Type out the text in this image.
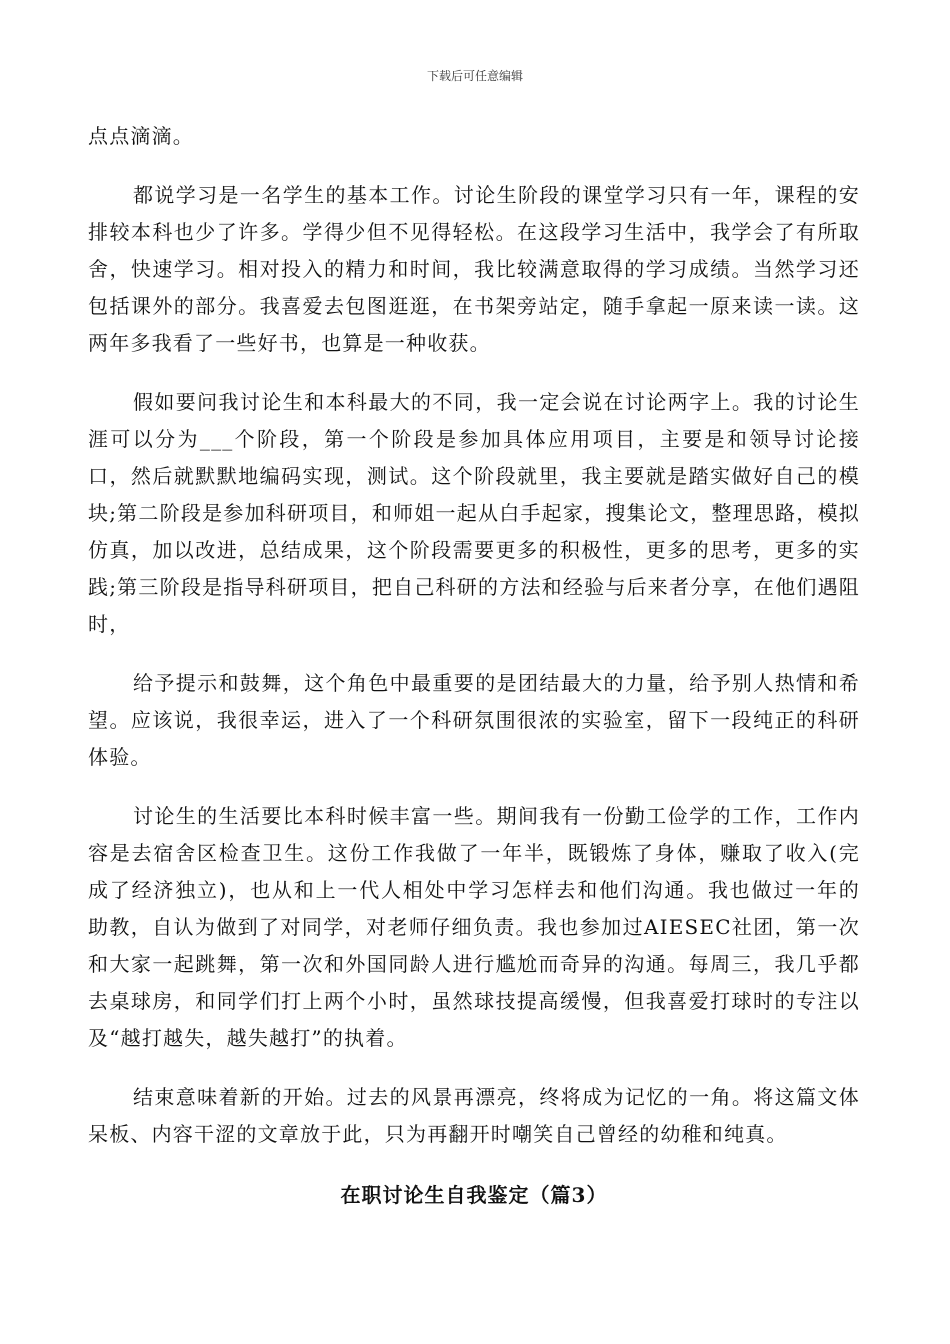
下载后可任意编辑

点点滴滴。

都说学习是一名学生的基本工作。讨论生阶段的课堂学习只有一年，课程的安排较本科也少了许多。学得少但不见得轻松。在这段学习生活中，我学会了有所取舍，快速学习。相对投入的精力和时间，我比较满意取得的学习成绩。当然学习还包括课外的部分。我喜爱去包图逛逛，在书架旁站定，随手拿起一原来读一读。这两年多我看了一些好书，也算是一种收获。

假如要问我讨论生和本科最大的不同，我一定会说在讨论两字上。我的讨论生涯可以分为___个阶段，第一个阶段是参加具体应用项目，主要是和领导讨论接口，然后就默默地编码实现，测试。这个阶段就里，我主要就是踏实做好自己的模块;第二阶段是参加科研项目，和师姐一起从白手起家，搜集论文，整理思路，模拟仿真，加以改进，总结成果，这个阶段需要更多的积极性，更多的思考，更多的实践;第三阶段是指导科研项目，把自己科研的方法和经验与后来者分享，在他们遇阻时，

给予提示和鼓舞，这个角色中最重要的是团结最大的力量，给予别人热情和希望。应该说，我很幸运，进入了一个科研氛围很浓的实验室，留下一段纯正的科研体验。

讨论生的生活要比本科时候丰富一些。期间我有一份勤工俭学的工作，工作内容是去宿舍区检查卫生。这份工作我做了一年半，既锻炼了身体，赚取了收入(完成了经济独立)，也从和上一代人相处中学习怎样去和他们沟通。我也做过一年的助教，自认为做到了对同学，对老师仔细负责。我也参加过AIESEC社团，第一次和大家一起跳舞，第一次和外国同龄人进行尴尬而奇异的沟通。每周三，我几乎都去桌球房，和同学们打上两个小时，虽然球技提高缓慢，但我喜爱打球时的专注以及“越打越失，越失越打”的执着。

结束意味着新的开始。过去的风景再漂亮，终将成为记忆的一角。将这篇文体呆板、内容干涩的文章放于此，只为再翻开时嘲笑自己曾经的幼稚和纯真。

在职讨论生自我鉴定（篇3）
